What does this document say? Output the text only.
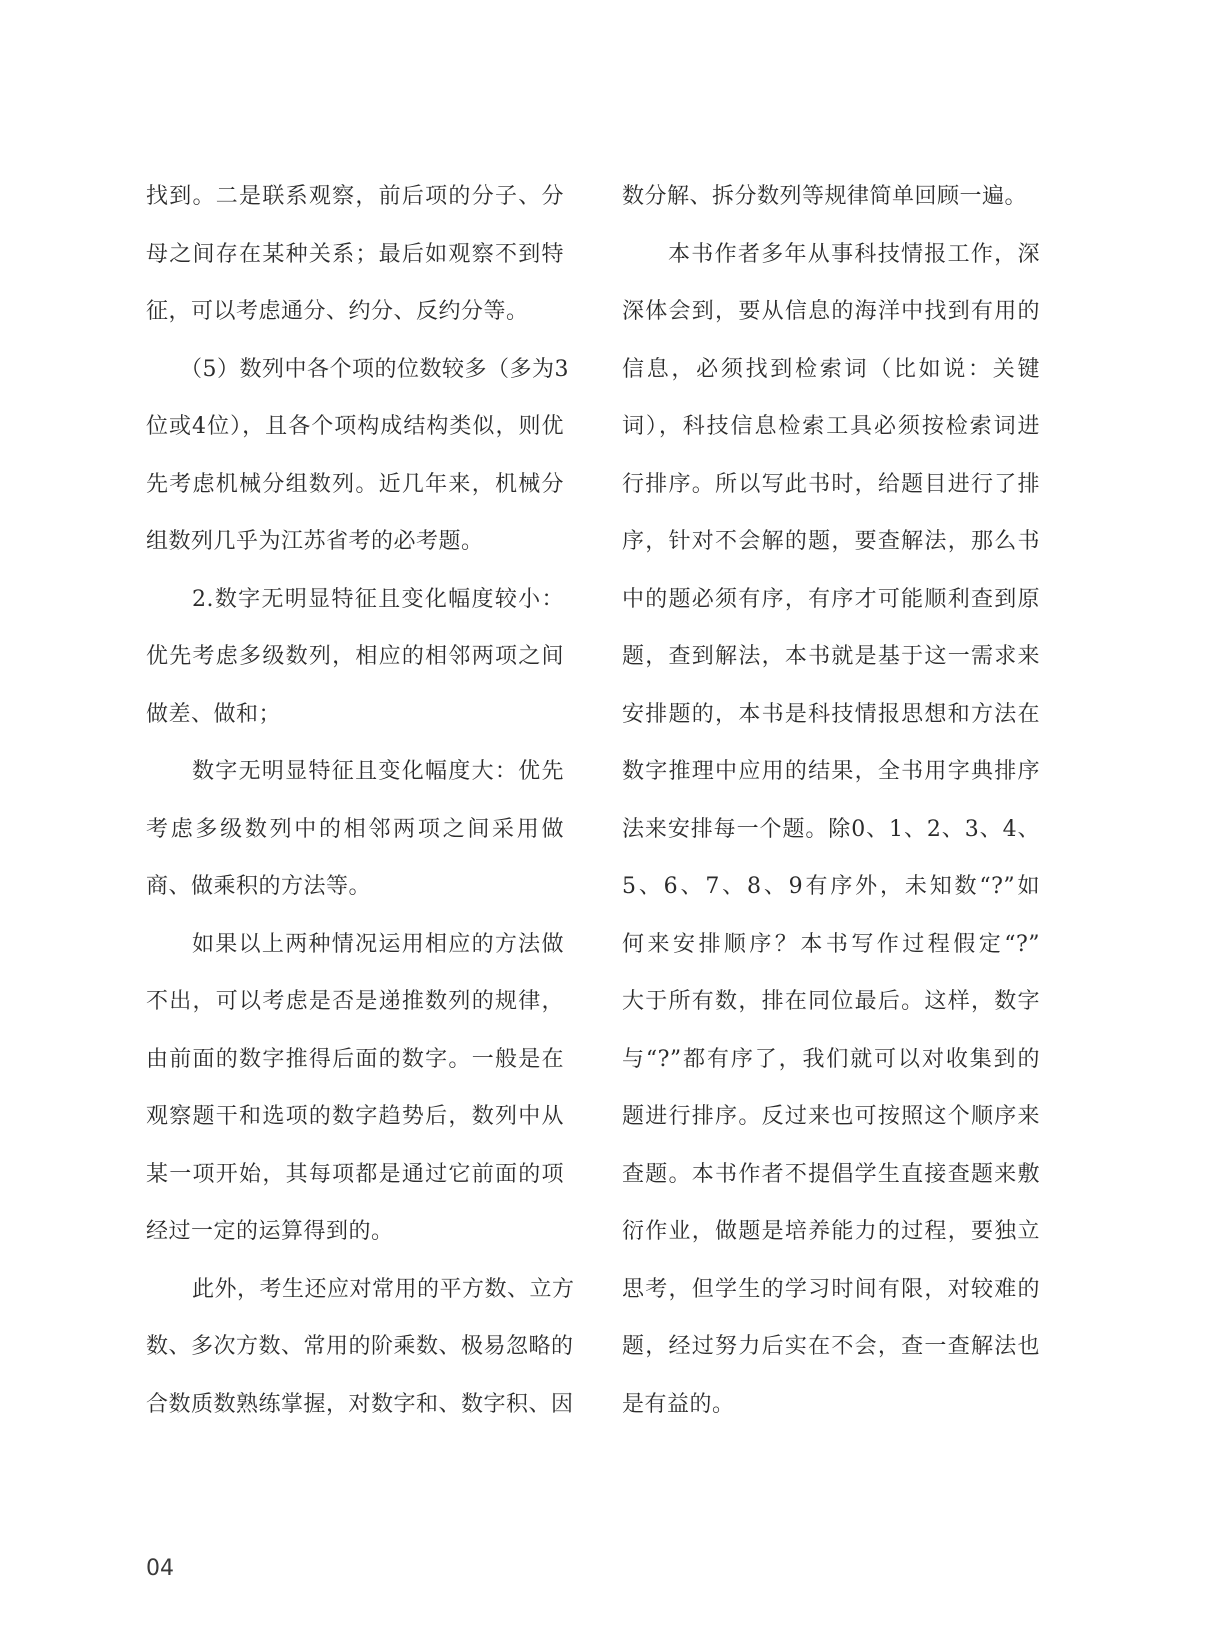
找到。二是联系观察，前后项的分子、分
母之间存在某种关系；最后如观察不到特
征，可以考虑通分、约分、反约分等。
（5）数列中各个项的位数较多（多为3
位或4位），且各个项构成结构类似，则优
先考虑机械分组数列。近几年来，机械分
组数列几乎为江苏省考的必考题。
2.数字无明显特征且变化幅度较小：
优先考虑多级数列，相应的相邻两项之间
做差、做和；
数字无明显特征且变化幅度大：优先
考虑多级数列中的相邻两项之间采用做
商、做乘积的方法等。
如果以上两种情况运用相应的方法做
不出，可以考虑是否是递推数列的规律，
由前面的数字推得后面的数字。一般是在
观察题干和选项的数字趋势后，数列中从
某一项开始，其每项都是通过它前面的项
经过一定的运算得到的。
此外，考生还应对常用的平方数、立方
数、多次方数、常用的阶乘数、极易忽略的
合数质数熟练掌握，对数字和、数字积、因
数分解、拆分数列等规律简单回顾一遍。
本书作者多年从事科技情报工作，深
深体会到，要从信息的海洋中找到有用的
信息，必须找到检索词（比如说：关键
词），科技信息检索工具必须按检索词进
行排序。所以写此书时，给题目进行了排
序，针对不会解的题，要查解法，那么书
中的题必须有序，有序才可能顺利查到原
题，查到解法，本书就是基于这一需求来
安排题的，本书是科技情报思想和方法在
数字推理中应用的结果，全书用字典排序
法来安排每一个题。除0、1、2、3、4、
5、6、7、8、9有序外，未知数“?”如
何来安排顺序？本书写作过程假定“?”
大于所有数，排在同位最后。这样，数字
与“?”都有序了，我们就可以对收集到的
题进行排序。反过来也可按照这个顺序来
查题。本书作者不提倡学生直接查题来敷
衍作业，做题是培养能力的过程，要独立
思考，但学生的学习时间有限，对较难的
题，经过努力后实在不会，查一查解法也
是有益的。
04
